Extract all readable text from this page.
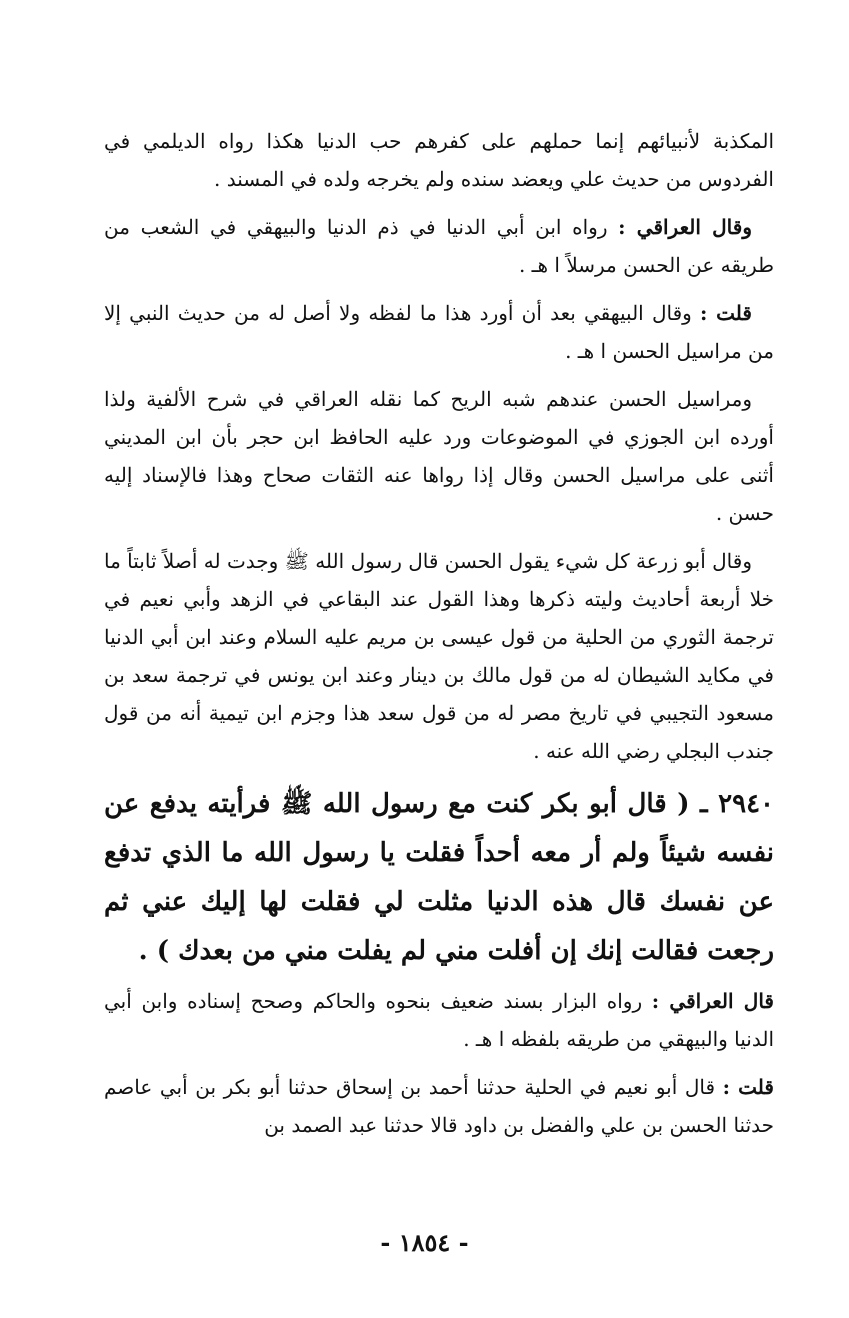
المكذبة لأنبيائهم إنما حملهم على كفرهم حب الدنيا هكذا رواه الديلمي في الفردوس من حديث علي ويعضد سنده ولم يخرجه ولده في المسند .

وقال العراقي : رواه ابن أبي الدنيا في ذم الدنيا والبيهقي في الشعب من طريقه عن الحسن مرسلاً ا هـ .

قلت : وقال البيهقي بعد أن أورد هذا ما لفظه ولا أصل له من حديث النبي إلا من مراسيل الحسن ا هـ .

ومراسيل الحسن عندهم شبه الريح كما نقله العراقي في شرح الألفية ولذا أورده ابن الجوزي في الموضوعات ورد عليه الحافظ ابن حجر بأن ابن المديني أثنى على مراسيل الحسن وقال إذا رواها عنه الثقات صحاح وهذا فالإسناد إليه حسن .

وقال أبو زرعة كل شيء يقول الحسن قال رسول الله ﷺ وجدت له أصلاً ثابتاً ما خلا أربعة أحاديث وليته ذكرها وهذا القول عند البقاعي في الزهد وأبي نعيم في ترجمة الثوري من الحلية من قول عيسى بن مريم عليه السلام وعند ابن أبي الدنيا في مكايد الشيطان له من قول مالك بن دينار وعند ابن يونس في ترجمة سعد بن مسعود التجيبي في تاريخ مصر له من قول سعد هذا وجزم ابن تيمية أنه من قول جندب البجلي رضي الله عنه .

٢٩٤٠ ـ ( قال أبو بكر كنت مع رسول الله ﷺ فرأيته يدفع عن نفسه شيئاً ولم أر معه أحداً فقلت يا رسول الله ما الذي تدفع عن نفسك قال هذه الدنيا مثلت لي فقلت لها إليك عني ثم رجعت فقالت إنك إن أفلت مني لم يفلت مني من بعدك ) .

قال العراقي : رواه البزار بسند ضعيف بنحوه والحاكم وصحح إسناده وابن أبي الدنيا والبيهقي من طريقه بلفظه ا هـ .

قلت : قال أبو نعيم في الحلية حدثنا أحمد بن إسحاق حدثنا أبو بكر بن أبي عاصم حدثنا الحسن بن علي والفضل بن داود قالا حدثنا عبد الصمد بن

- ١٨٥٤ -
